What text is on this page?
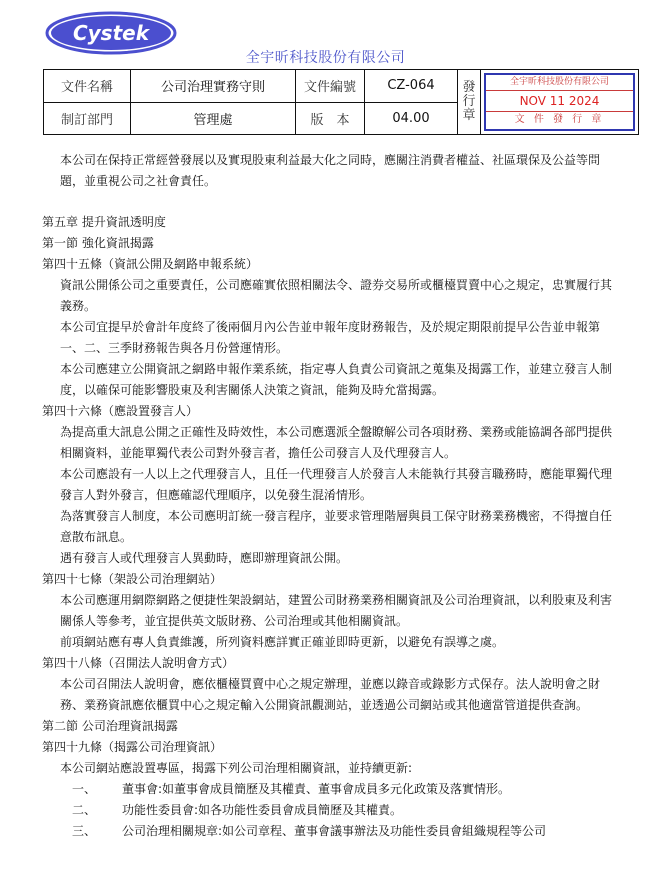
Cystek
全宇昕科技股份有限公司
文件名稱	公司治理實務守則	文件編號	CZ-064	發行章	全宇昕科技股份有限公司
NOV 11 2024
文 件 發 行 章

制訂部門	管理處	版　本	04.00		

本公司在保持正常經營發展以及實現股東利益最大化之同時，應關注消費者權益、社區環保及公益等問題，並重視公司之社會責任。

第五章 提升資訊透明度

第一節 強化資訊揭露

第四十五條（資訊公開及網路申報系統）

資訊公開係公司之重要責任，公司應確實依照相關法令、證券交易所或櫃檯買賣中心之規定，忠實履行其義務。

本公司宜提早於會計年度終了後兩個月內公告並申報年度財務報告，及於規定期限前提早公告並申報第一、二、三季財務報告與各月份營運情形。

本公司應建立公開資訊之網路申報作業系統，指定專人負責公司資訊之蒐集及揭露工作，並建立發言人制度，以確保可能影響股東及利害關係人決策之資訊，能夠及時允當揭露。

第四十六條（應設置發言人）

為提高重大訊息公開之正確性及時效性，本公司應選派全盤瞭解公司各項財務、業務或能協調各部門提供相關資料，並能單獨代表公司對外發言者，擔任公司發言人及代理發言人。

本公司應設有一人以上之代理發言人，且任一代理發言人於發言人未能執行其發言職務時，應能單獨代理發言人對外發言，但應確認代理順序，以免發生混淆情形。

為落實發言人制度，本公司應明訂統一發言程序，並要求管理階層與員工保守財務業務機密，不得擅自任意散布訊息。

遇有發言人或代理發言人異動時，應即辦理資訊公開。

第四十七條（架設公司治理網站）

本公司應運用網際網路之便捷性架設網站，建置公司財務業務相關資訊及公司治理資訊，以利股東及利害關係人等參考，並宜提供英文版財務、公司治理或其他相關資訊。

前項網站應有專人負責維護，所列資料應詳實正確並即時更新，以避免有誤導之虞。

第四十八條（召開法人說明會方式）

本公司召開法人說明會，應依櫃檯買賣中心之規定辦理，並應以錄音或錄影方式保存。法人說明會之財務、業務資訊應依櫃買中心之規定輸入公開資訊觀測站，並透過公司網站或其他適當管道提供查詢。

第二節 公司治理資訊揭露

第四十九條（揭露公司治理資訊）

本公司網站應設置專區，揭露下列公司治理相關資訊，並持續更新:

一、	董事會:如董事會成員簡歷及其權責、董事會成員多元化政策及落實情形。
二、	功能性委員會:如各功能性委員會成員簡歷及其權責。
三、	公司治理相關規章:如公司章程、董事會議事辦法及功能性委員會組織規程等公司
